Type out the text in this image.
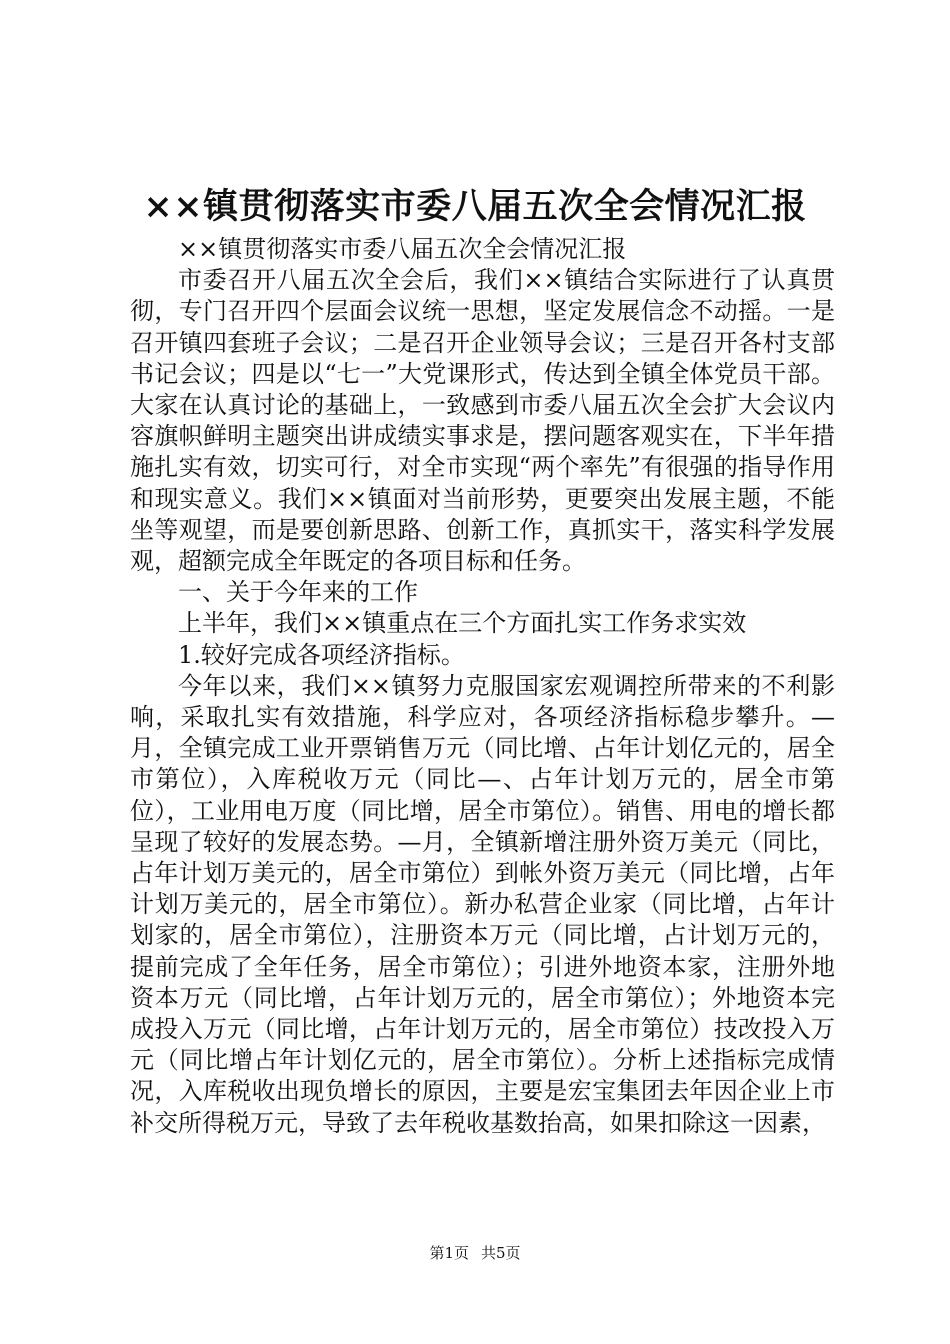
××镇贯彻落实市委八届五次全会情况汇报

××镇贯彻落实市委八届五次全会情况汇报

市委召开八届五次全会后，我们××镇结合实际进行了认真贯彻，专门召开四个层面会议统一思想，坚定发展信念不动摇。一是召开镇四套班子会议；二是召开企业领导会议；三是召开各村支部书记会议；四是以“七一”大党课形式，传达到全镇全体党员干部。大家在认真讨论的基础上，一致感到市委八届五次全会扩大会议内容旗帜鲜明主题突出讲成绩实事求是，摆问题客观实在，下半年措施扎实有效，切实可行，对全市实现“两个率先”有很强的指导作用和现实意义。我们××镇面对当前形势，更要突出发展主题，不能坐等观望，而是要创新思路、创新工作，真抓实干，落实科学发展观，超额完成全年既定的各项目标和任务。

一、关于今年来的工作

上半年，我们××镇重点在三个方面扎实工作务求实效

1.较好完成各项经济指标。

今年以来，我们××镇努力克服国家宏观调控所带来的不利影响，采取扎实有效措施，科学应对，各项经济指标稳步攀升。—月，全镇完成工业开票销售万元（同比增、占年计划亿元的，居全市第位），入库税收万元（同比—、占年计划万元的，居全市第位），工业用电万度（同比增，居全市第位）。销售、用电的增长都呈现了较好的发展态势。—月，全镇新增注册外资万美元（同比，占年计划万美元的，居全市第位）到帐外资万美元（同比增，占年计划万美元的，居全市第位）。新办私营企业家（同比增，占年计划家的，居全市第位），注册资本万元（同比增，占计划万元的，提前完成了全年任务，居全市第位）；引进外地资本家，注册外地资本万元（同比增，占年计划万元的，居全市第位）；外地资本完成投入万元（同比增，占年计划万元的，居全市第位）技改投入万元（同比增占年计划亿元的，居全市第位）。分析上述指标完成情况，入库税收出现负增长的原因，主要是宏宝集团去年因企业上市补交所得税万元，导致了去年税收基数抬高，如果扣除这一因素，

第1页 共5页
